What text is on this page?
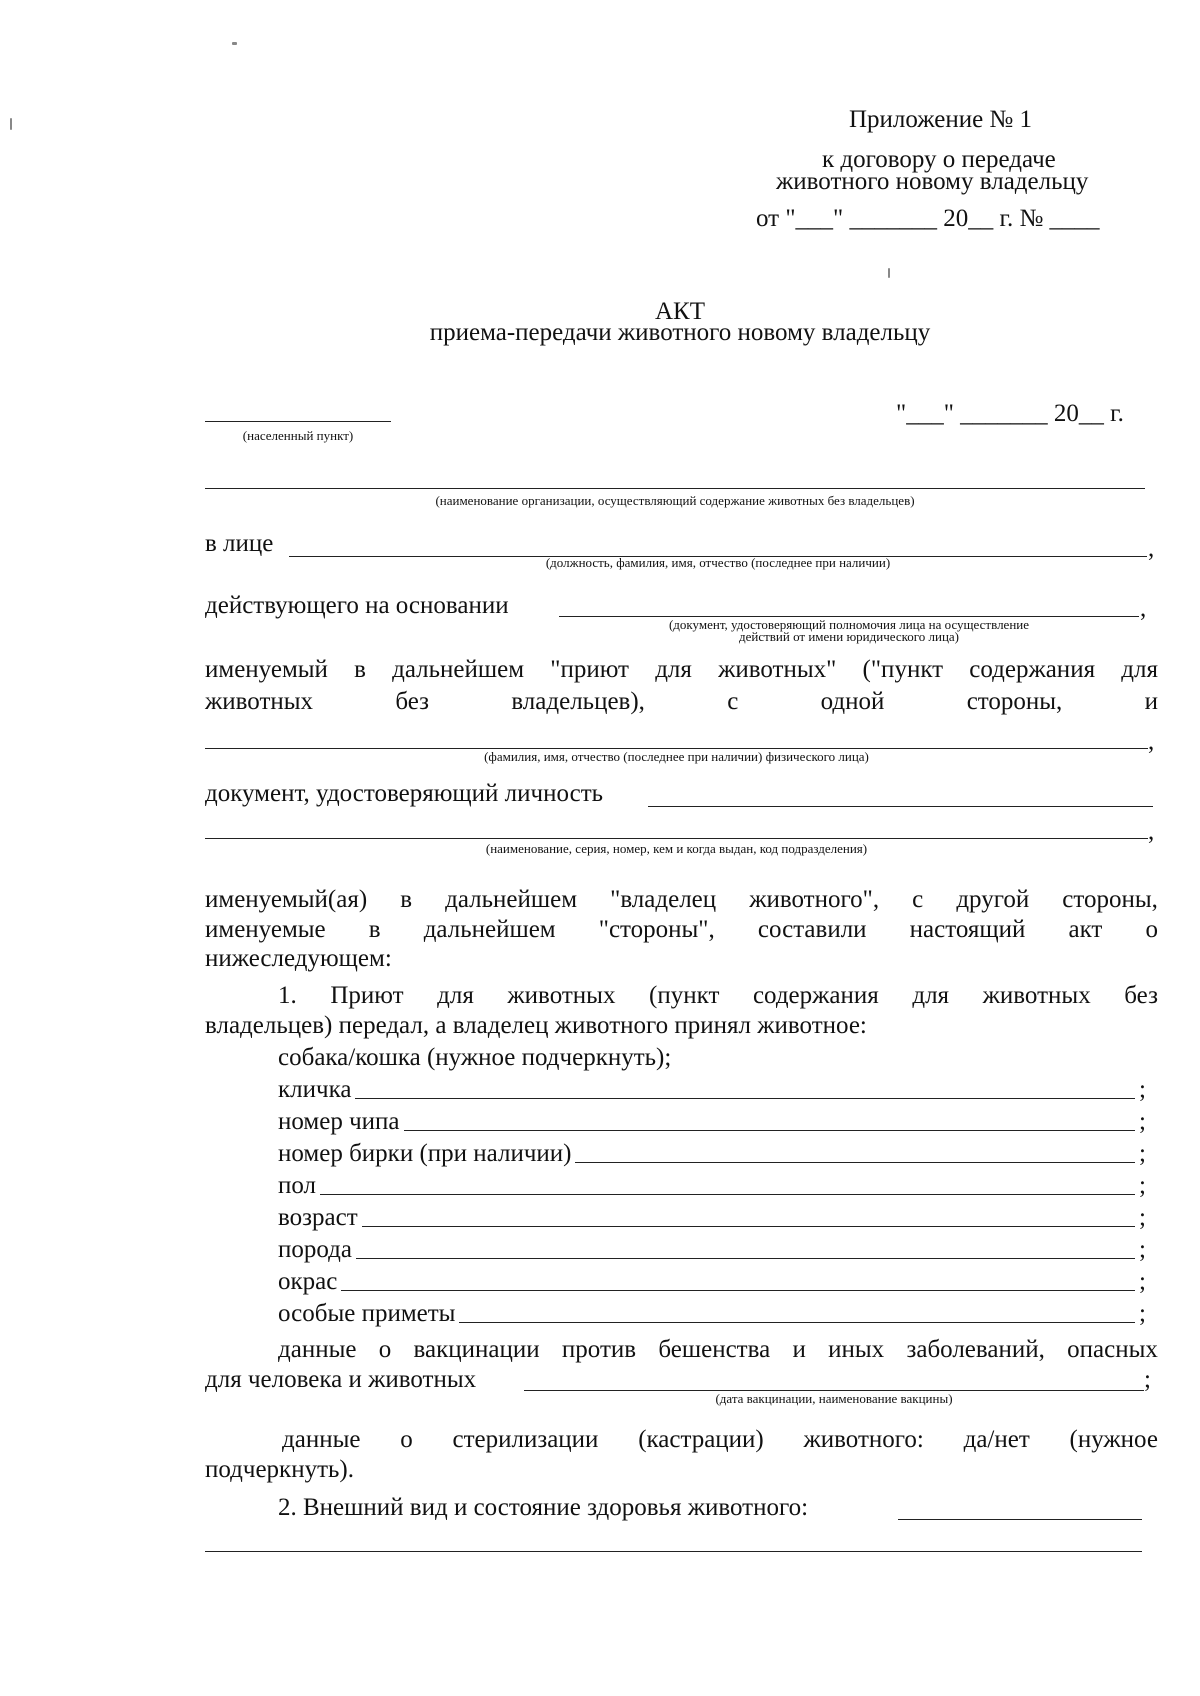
Приложение № 1
к договору о передаче
животного новому владельцу
от "___" _______ 20__ г. № ____
АКТ
приема-передачи животного новому владельцу
(населенный пункт)
"___" _______ 20__ г.
(наименование организации, осуществляющий содержание животных без владельцев)
в лице	,
(должность, фамилия, имя, отчество (последнее при наличии)
действующего на основании	,
(документ, удостоверяющий полномочия лица на осуществление
действий от имени юридического лица)
именуемый в дальнейшем "приют для животных" ("пункт содержания для
животных	без	владельцев),	с	одной	стороны,	и
,
(фамилия, имя, отчество (последнее при наличии) физического лица)
документ, удостоверяющий личность
,
(наименование, серия, номер, кем и когда выдан, код подразделения)
именуемый(ая) в дальнейшем "владелец животного", с другой стороны,
именуемые в дальнейшем "стороны", составили настоящий акт о
нижеследующем:
1. Приют для животных (пункт содержания для животных без
владельцев) передал, а владелец животного принял животное:
собака/кошка (нужное подчеркнуть);
кличка	;
номер чипа	;
номер бирки (при наличии)	;
пол	;
возраст	;
порода	;
окрас	;
особые приметы	;
данные о вакцинации против бешенства и иных заболеваний, опасных
для человека и животных	;
(дата вакцинации, наименование вакцины)
данные о стерилизации (кастрации) животного: да/нет (нужное
подчеркнуть).
2. Внешний вид и состояние здоровья животного:
